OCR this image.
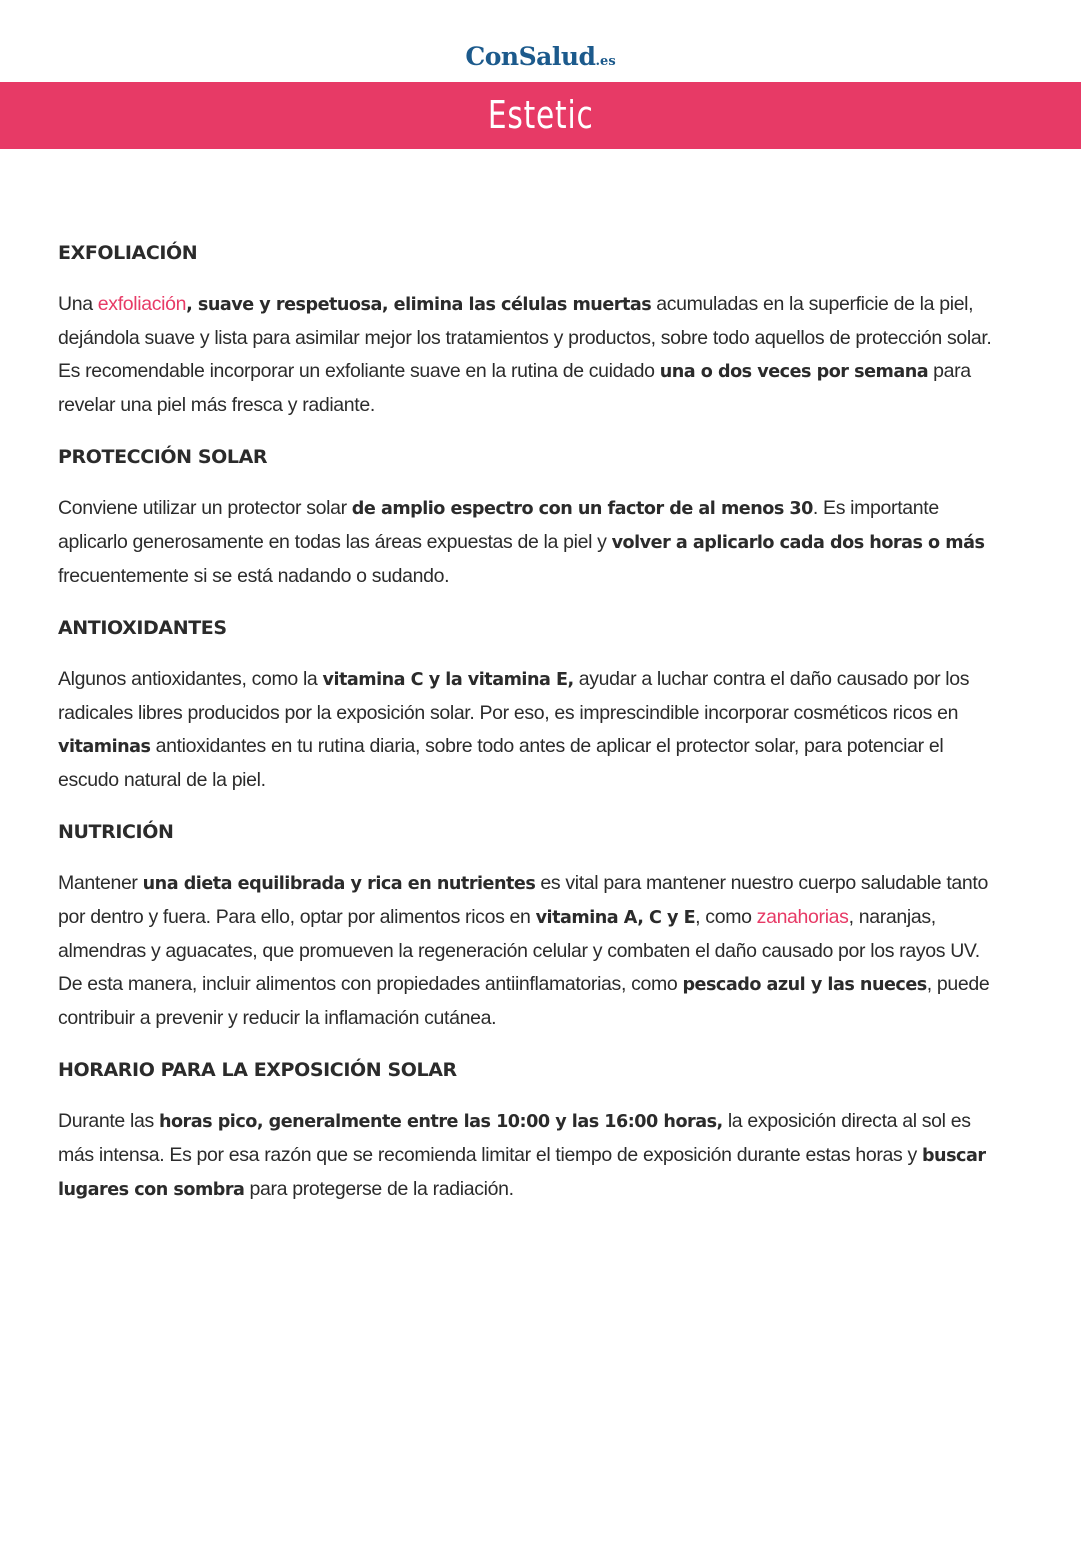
ConSalud.es
Estetic
EXFOLIACIÓN

Una exfoliación, suave y respetuosa, elimina las células muertas acumuladas en la superficie de la piel, dejándola suave y lista para asimilar mejor los tratamientos y productos, sobre todo aquellos de protección solar. Es recomendable incorporar un exfoliante suave en la rutina de cuidado una o dos veces por semana para revelar una piel más fresca y radiante.

PROTECCIÓN SOLAR

Conviene utilizar un protector solar de amplio espectro con un factor de al menos 30. Es importante aplicarlo generosamente en todas las áreas expuestas de la piel y volver a aplicarlo cada dos horas o más frecuentemente si se está nadando o sudando.

ANTIOXIDANTES

Algunos antioxidantes, como la vitamina C y la vitamina E, ayudar a luchar contra el daño causado por los radicales libres producidos por la exposición solar. Por eso, es imprescindible incorporar cosméticos ricos en vitaminas antioxidantes en tu rutina diaria, sobre todo antes de aplicar el protector solar, para potenciar el escudo natural de la piel.

NUTRICIÓN

Mantener una dieta equilibrada y rica en nutrientes es vital para mantener nuestro cuerpo saludable tanto por dentro y fuera. Para ello, optar por alimentos ricos en vitamina A, C y E, como zanahorias, naranjas, almendras y aguacates, que promueven la regeneración celular y combaten el daño causado por los rayos UV. De esta manera, incluir alimentos con propiedades antiinflamatorias, como pescado azul y las nueces, puede contribuir a prevenir y reducir la inflamación cutánea.

HORARIO PARA LA EXPOSICIÓN SOLAR

Durante las horas pico, generalmente entre las 10:00 y las 16:00 horas, la exposición directa al sol es más intensa. Es por esa razón que se recomienda limitar el tiempo de exposición durante estas horas y buscar lugares con sombra para protegerse de la radiación.
